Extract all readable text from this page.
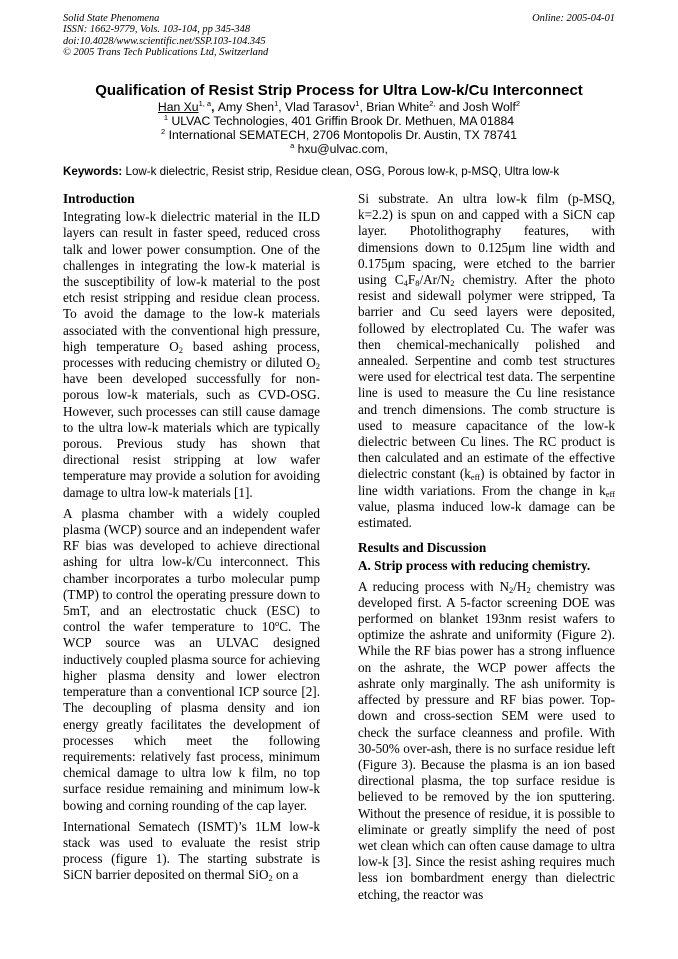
Solid State Phenomena
ISSN: 1662-9779, Vols. 103-104, pp 345-348
doi:10.4028/www.scientific.net/SSP.103-104.345
© 2005 Trans Tech Publications Ltd, Switzerland
Online: 2005-04-01
Qualification of Resist Strip Process for Ultra Low-k/Cu Interconnect
Han Xu$^{1, a}$, Amy Shen$^1$, Vlad Tarasov$^1$, Brian White$^{2,}$ and Josh Wolf$^2$
$^1$ ULVAC Technologies, 401 Griffin Brook Dr. Methuen, MA 01884
$^2$ International SEMATECH, 2706 Montopolis Dr. Austin, TX 78741
$^a$ hxu@ulvac.com,
Keywords: Low-k dielectric, Resist strip, Residue clean, OSG, Porous low-k, p-MSQ, Ultra low-k
Introduction

Integrating low-k dielectric material in the ILD layers can result in faster speed, reduced cross talk and lower power consumption. One of the challenges in integrating the low-k material is the susceptibility of low-k material to the post etch resist stripping and residue clean process. To avoid the damage to the low-k materials associated with the conventional high pressure, high temperature $O_2$ based ashing process, processes with reducing chemistry or diluted $O_2$ have been developed successfully for non-porous low-k materials, such as CVD-OSG. However, such processes can still cause damage to the ultra low-k materials which are typically porous. Previous study has shown that directional resist stripping at low wafer temperature may provide a solution for avoiding damage to ultra low-k materials [1].

A plasma chamber with a widely coupled plasma (WCP) source and an independent wafer RF bias was developed to achieve directional ashing for ultra low-k/Cu interconnect. This chamber incorporates a turbo molecular pump (TMP) to control the operating pressure down to 5mT, and an electrostatic chuck (ESC) to control the wafer temperature to 10$^o$C. The WCP source was an ULVAC designed inductively coupled plasma source for achieving higher plasma density and lower electron temperature than a conventional ICP source [2]. The decoupling of plasma density and ion energy greatly facilitates the development of processes which meet the following requirements: relatively fast process, minimum chemical damage to ultra low k film, no top surface residue remaining and minimum low-k bowing and corning rounding of the cap layer.

International Sematech (ISMT)’s 1LM low-k stack was used to evaluate the resist strip process (figure 1). The starting substrate is SiCN barrier deposited on thermal SiO$_2$ on a

Si substrate. An ultra low-k film (p-MSQ, k=2.2) is spun on and capped with a SiCN cap layer. Photolithography features, with dimensions down to 0.125μm line width and 0.175μm spacing, were etched to the barrier using $C_4F_8/Ar/N_2$ chemistry. After the photo resist and sidewall polymer were stripped, Ta barrier and Cu seed layers were deposited, followed by electroplated Cu. The wafer was then chemical-mechanically polished and annealed. Serpentine and comb test structures were used for electrical test data. The serpentine line is used to measure the Cu line resistance and trench dimensions. The comb structure is used to measure capacitance of the low-k dielectric between Cu lines. The RC product is then calculated and an estimate of the effective dielectric constant $(k_{eff})$ is obtained by factor in line width variations. From the change in $k_{eff}$ value, plasma induced low-k damage can be estimated.

Results and Discussion
A. Strip process with reducing chemistry.

A reducing process with $N_2/H_2$ chemistry was developed first. A 5-factor screening DOE was performed on blanket 193nm resist wafers to optimize the ashrate and uniformity (Figure 2). While the RF bias power has a strong influence on the ashrate, the WCP power affects the ashrate only marginally. The ash uniformity is affected by pressure and RF bias power. Top-down and cross-section SEM were used to check the surface cleanness and profile. With 30-50% over-ash, there is no surface residue left (Figure 3). Because the plasma is an ion based directional plasma, the top surface residue is believed to be removed by the ion sputtering. Without the presence of residue, it is possible to eliminate or greatly simplify the need of post wet clean which can often cause damage to ultra low-k [3]. Since the resist ashing requires much less ion bombardment energy than dielectric etching, the reactor was
